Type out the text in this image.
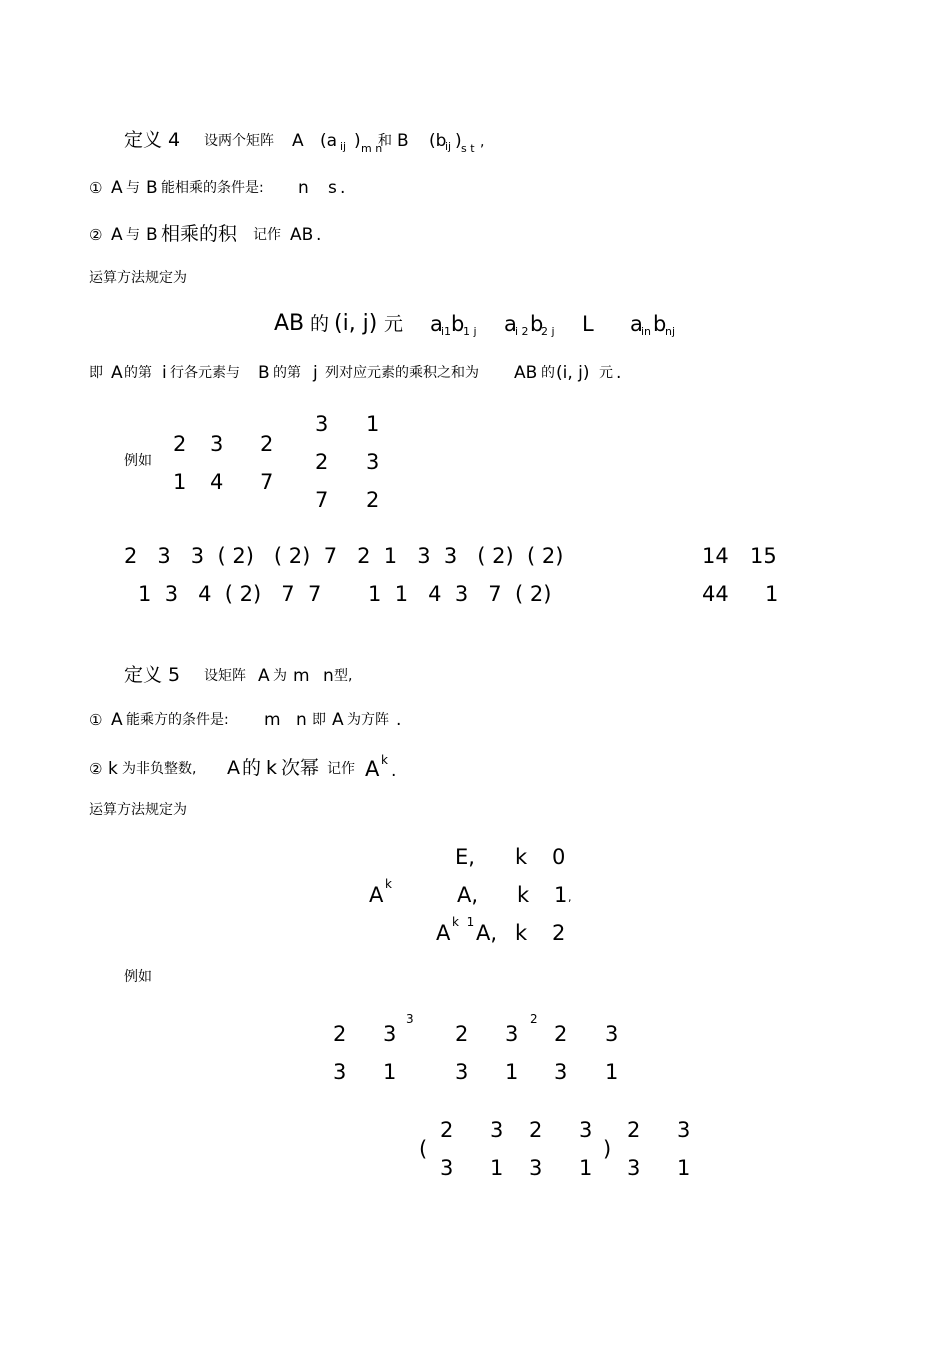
定义 4 设两个矩阵 A (a ij ) m n
和 B (b
ij ) s t ,
① A 与 B 能相乘的条件是: n s .
② A 与 B 相乘的积 记作 AB .
运算方法规定为
AB 的 (i, j) 元 a
i1 b
1 j a
i 2 b
2 j L a
in b
nj
即 A 的第 i 行各元素与 B 的第 j 列对应元素的乘积之和为 AB 的 (i, j) 元 .
例如
2 3 2
1 4 7
3 1
2 3
7 2
2   3   3  ( 2)   ( 2)  7   2  1   3  3   ( 2)  ( 2)
1  3   4  ( 2)   7  7       1  1   4  3   7  ( 2)
14 15
44 1
定义 5 设矩阵 A 为 m n 型,
① A 能乘方的条件是: m n 即 A 为方阵 .
② k 为非负整数, A 的 k 次幂 记作 A k
.
运算方法规定为
A k
E, k 0
A, k 1 ,
A k  1 A, k 2
例如
2 3
3 1
3
2 3
3 1
2
2 3
3 1
(
2 3
3 1
2 3
3 1
)
2 3
3 1
